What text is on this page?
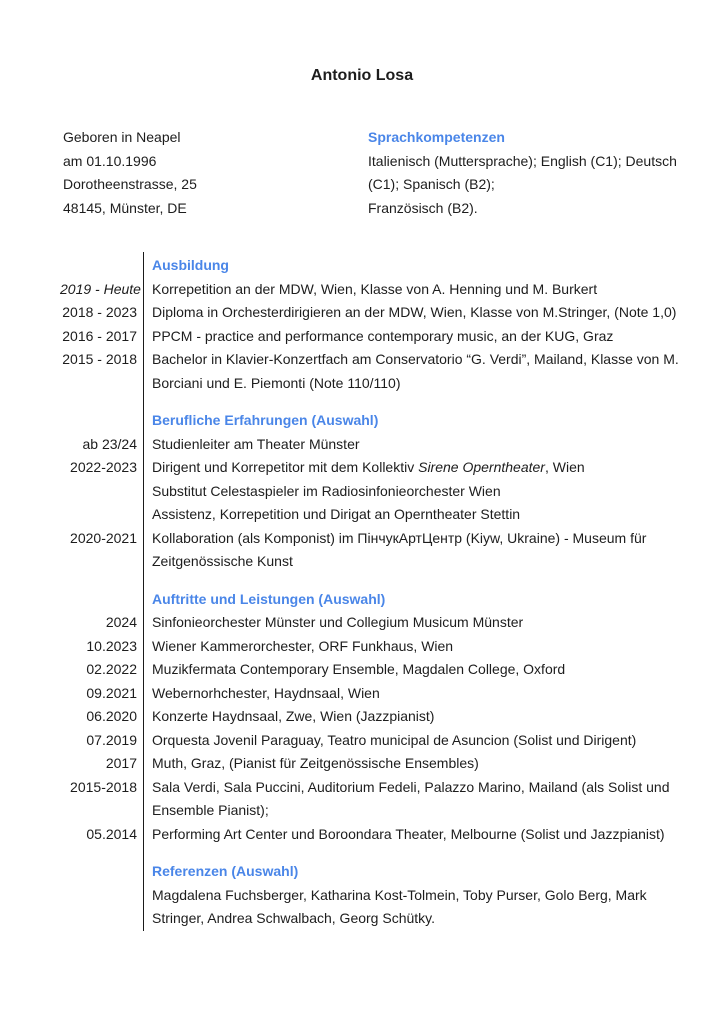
Antonio Losa
Geboren in Neapel
am 01.10.1996
Dorotheenstrasse, 25
48145, Münster, DE
Sprachkompetenzen
Italienisch (Muttersprache); English (C1); Deutsch (C1); Spanisch (B2);
Französisch (B2).
Ausbildung
2019 - Heute Korrepetition an der MDW, Wien, Klasse von A. Henning und M. Burkert
2018 - 2023 Diploma in Orchesterdirigieren an der MDW, Wien, Klasse von M.Stringer, (Note 1,0)
2016 - 2017 PPCM - practice and performance contemporary music, an der KUG, Graz
2015 - 2018 Bachelor in Klavier-Konzertfach am Conservatorio “G. Verdi”, Mailand, Klasse von M. Borciani und E. Piemonti (Note 110/110)
Berufliche Erfahrungen (Auswahl)
ab 23/24 Studienleiter am Theater Münster
2022-2023 Dirigent und Korrepetitor mit dem Kollektiv Sirene Operntheater, Wien
Substitut Celestaspieler im Radiosinfonieorchester Wien
Assistenz, Korrepetition und Dirigat an Operntheater Stettin
2020-2021 Kollaboration (als Komponist) im ПінчукАртЦентр (Kiyw, Ukraine) - Museum für Zeitgenössische Kunst
Auftritte und Leistungen (Auswahl)
2024 Sinfonieorchester Münster und Collegium Musicum Münster
10.2023 Wiener Kammerorchester, ORF Funkhaus, Wien
02.2022 Muzikfermata Contemporary Ensemble, Magdalen College, Oxford
09.2021 Webernorhchester, Haydnsaal, Wien
06.2020 Konzerte Haydnsaal, Zwe, Wien (Jazzpianist)
07.2019 Orquesta Jovenil Paraguay, Teatro municipal de Asuncion (Solist und Dirigent)
2017 Muth, Graz, (Pianist für Zeitgenössische Ensembles)
2015-2018 Sala Verdi, Sala Puccini, Auditorium Fedeli, Palazzo Marino, Mailand (als Solist und Ensemble Pianist);
05.2014 Performing Art Center und Boroondara Theater, Melbourne (Solist und Jazzpianist)
Referenzen (Auswahl)
Magdalena Fuchsberger, Katharina Kost-Tolmein, Toby Purser, Golo Berg, Mark Stringer, Andrea Schwalbach, Georg Schütky.
